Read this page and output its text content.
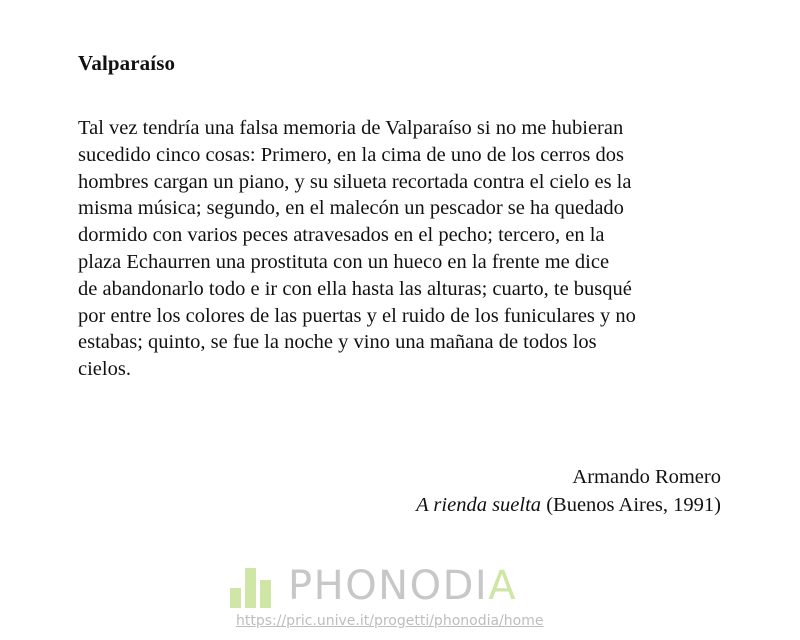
Valparaíso

Tal vez tendría una falsa memoria de Valparaíso si no me hubieran
sucedido cinco cosas: Primero, en la cima de uno de los cerros dos
hombres cargan un piano, y su silueta recortada contra el cielo es la
misma música; segundo, en el malecón un pescador se ha quedado
dormido con varios peces atravesados en el pecho; tercero, en la
plaza Echaurren una prostituta con un hueco en la frente me dice
de abandonarlo todo e ir con ella hasta las alturas; cuarto, te busqué
por entre los colores de las puertas y el ruido de los funiculares y no
estabas; quinto, se fue la noche y vino una mañana de todos los
cielos.

Armando Romero
A rienda suelta (Buenos Aires, 1991)
PHONODIA
https://pric.unive.it/progetti/phonodia/home
